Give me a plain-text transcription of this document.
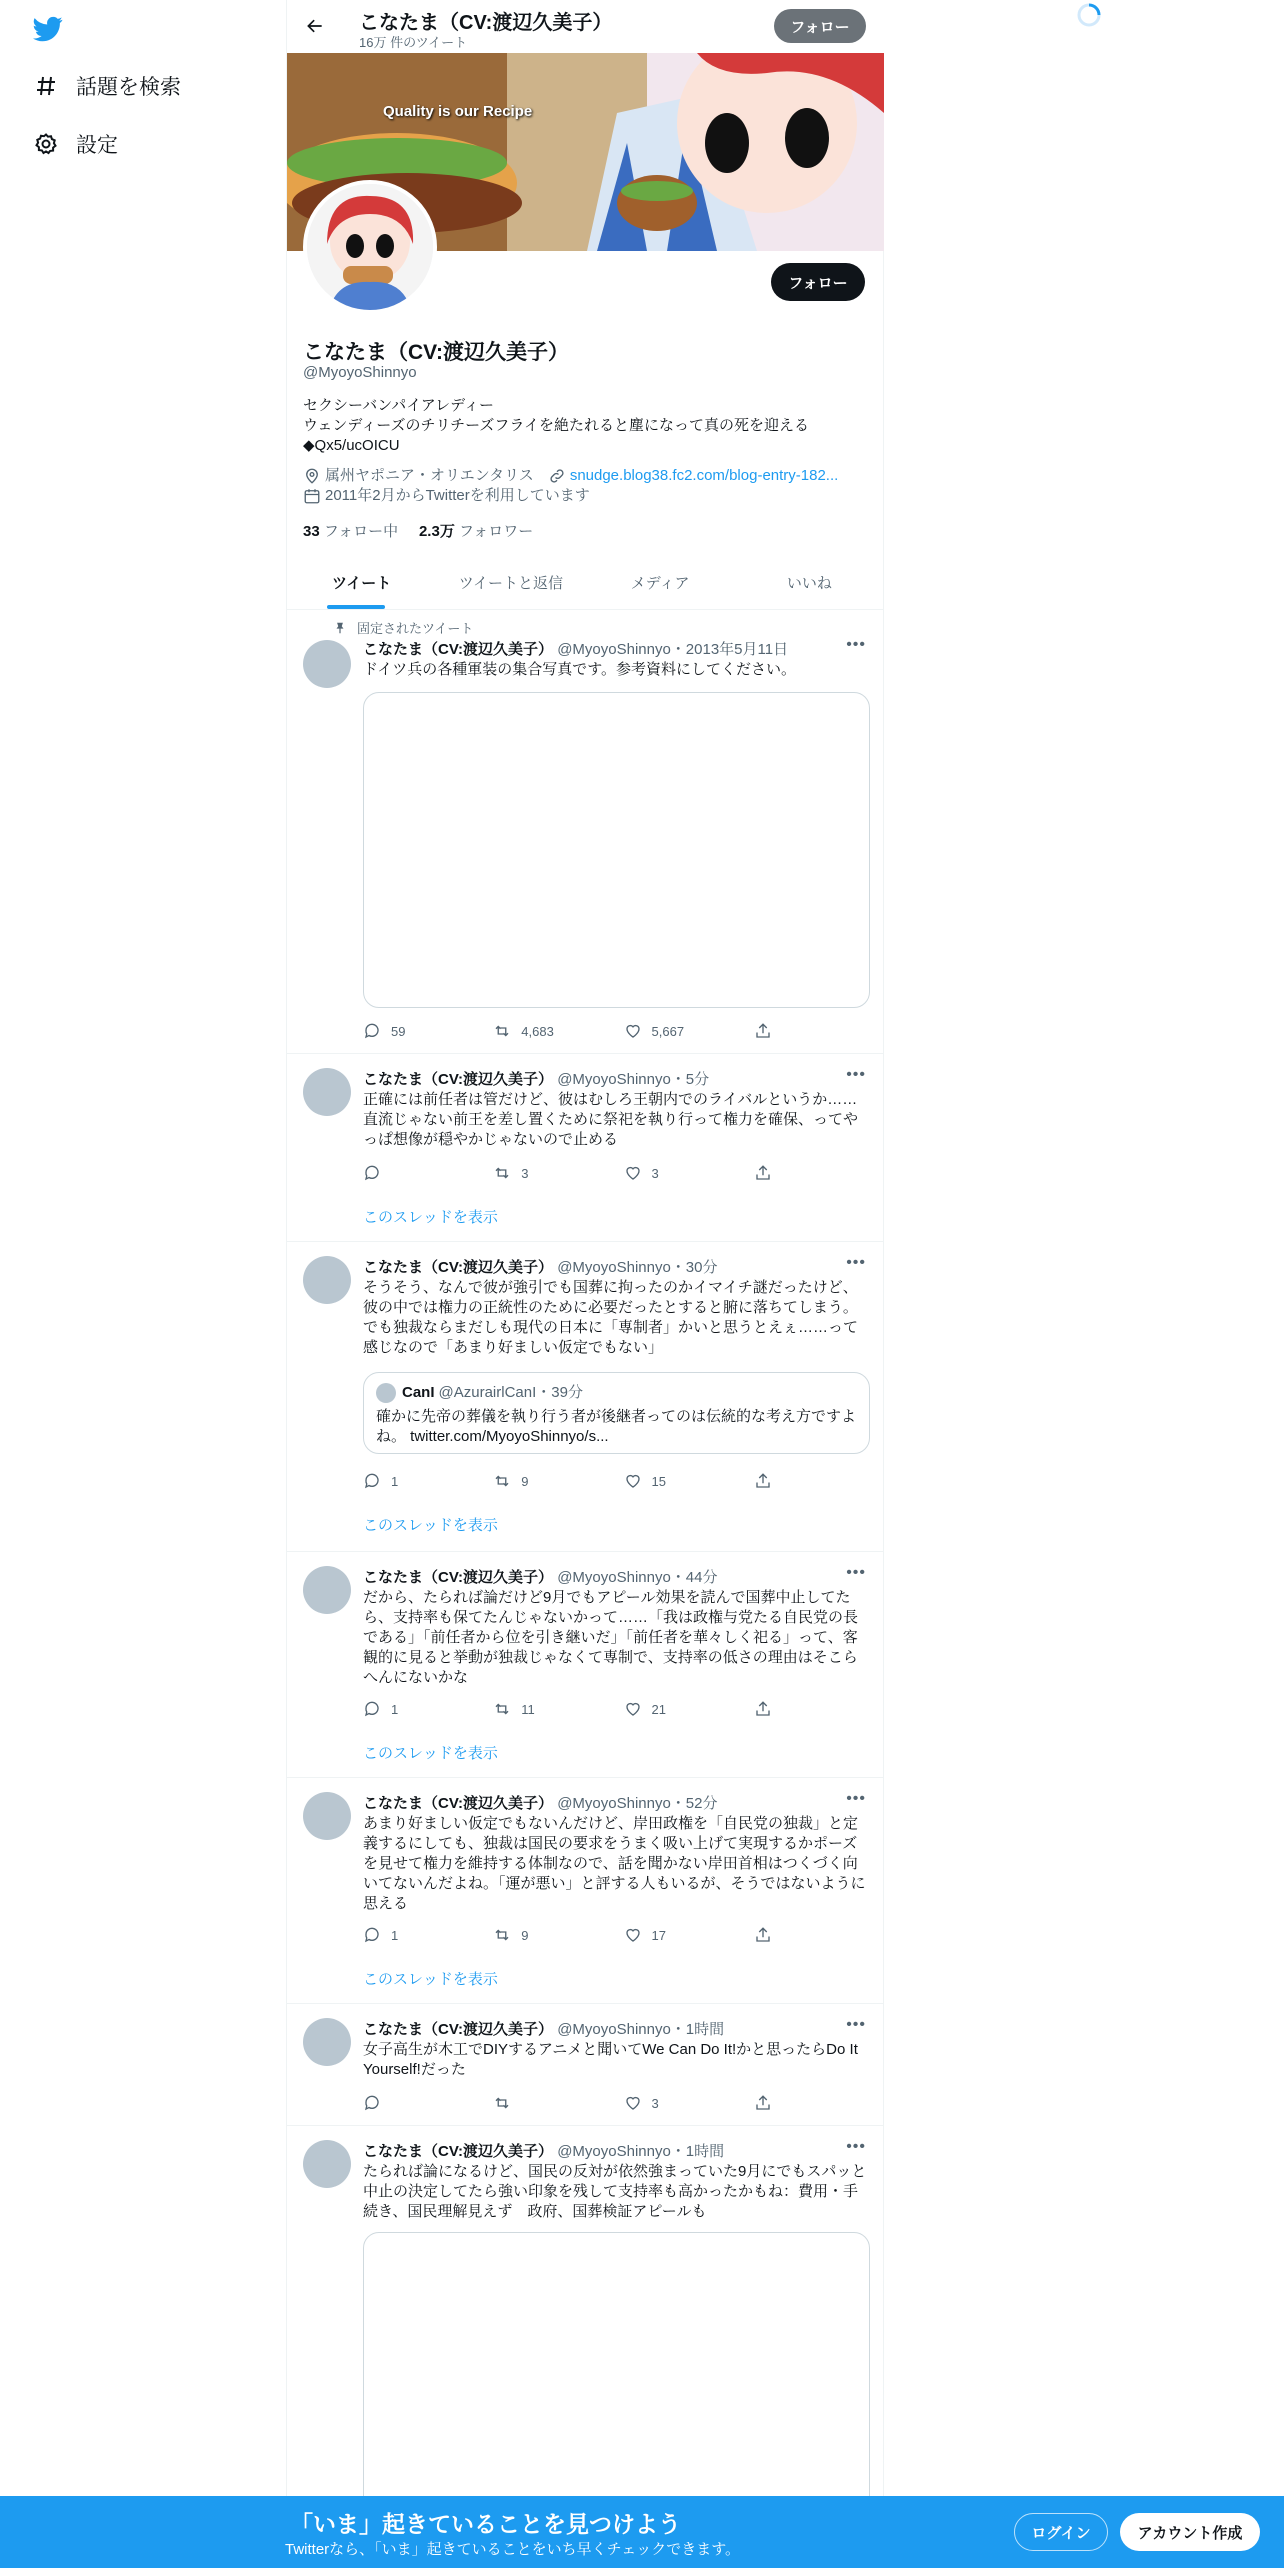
話題を検索
設定
こなたま（CV:渡辺久美子）
16万 件のツイート
フォロー
Quality is our Recipe
フォロー
こなたま（CV:渡辺久美子）
@MyoyoShinnyo
セクシーバンパイアレディー
ウェンディーズのチリチーズフライを絶たれると塵になって真の死を迎える
◆Qx5/ucOICU
属州ヤポニア・オリエンタリス snudge.blog38.fc2.com/blog-entry-182...
2011年2月からTwitterを利用しています
33 フォロー中 2.3万 フォロワー
ツイート	ツイートと返信	メディア	いいね
固定されたツイート
こなたま（CV:渡辺久美子） @MyoyoShinnyo・2013年5月11日	•••
ドイツ兵の各種軍装の集合写真です。参考資料にしてください。
59	4,683	5,667
こなたま（CV:渡辺久美子） @MyoyoShinnyo・5分	•••
正確には前任者は管だけど、彼はむしろ王朝内でのライバルというか……直流じゃない前王を差し置くために祭祀を執り行って権力を確保、ってやっぱ想像が穏やかじゃないので止める
3	3
このスレッドを表示
こなたま（CV:渡辺久美子） @MyoyoShinnyo・30分	•••
そうそう、なんで彼が強引でも国葬に拘ったのかイマイチ謎だったけど、彼の中では権力の正統性のために必要だったとすると腑に落ちてしまう。でも独裁ならまだしも現代の日本に「専制者」かいと思うとえぇ……って感じなので「あまり好ましい仮定でもない」
CanI @AzurairlCanI・39分
確かに先帝の葬儀を執り行う者が後継者ってのは伝統的な考え方ですよね。 twitter.com/MyoyoShinnyo/s...
1	9	15
このスレッドを表示
こなたま（CV:渡辺久美子） @MyoyoShinnyo・44分	•••
だから、たられば論だけど9月でもアピール効果を読んで国葬中止してたら、支持率も保てたんじゃないかって……「我は政権与党たる自民党の長である」「前任者から位を引き継いだ」「前任者を華々しく祀る」って、客観的に見ると挙動が独裁じゃなくて専制で、支持率の低さの理由はそこらへんにないかな
1	11	21
このスレッドを表示
こなたま（CV:渡辺久美子） @MyoyoShinnyo・52分	•••
あまり好ましい仮定でもないんだけど、岸田政権を「自民党の独裁」と定義するにしても、独裁は国民の要求をうまく吸い上げて実現するかポーズを見せて権力を維持する体制なので、話を聞かない岸田首相はつくづく向いてないんだよね。「運が悪い」と評する人もいるが、そうではないように思える
1	9	17
このスレッドを表示
こなたま（CV:渡辺久美子） @MyoyoShinnyo・1時間	•••
女子高生が木工でDIYするアニメと聞いてWe Can Do It!かと思ったらDo It Yourself!だった
3
こなたま（CV:渡辺久美子） @MyoyoShinnyo・1時間	•••
たられば論になるけど、国民の反対が依然強まっていた9月にでもスパッと中止の決定してたら強い印象を残して支持率も高かったかもね：費用・手続き、国民理解見えず　政府、国葬検証アピールも
「いま」起きていることを見つけよう
Twitterなら、「いま」起きていることをいち早くチェックできます。
ログイン	アカウント作成
